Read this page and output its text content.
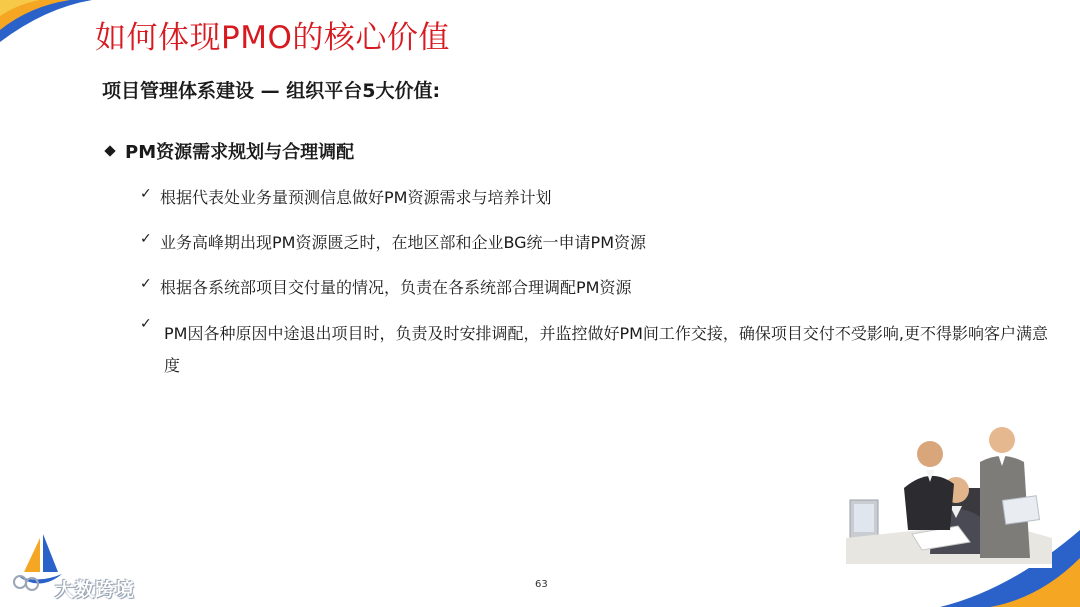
如何体现PMO的核心价值
项目管理体系建设 — 组织平台5大价值:
PM资源需求规划与合理调配
✓ 根据代表处业务量预测信息做好PM资源需求与培养计划
✓ 业务高峰期出现PM资源匮乏时，在地区部和企业BG统一申请PM资源
✓ 根据各系统部项目交付量的情况，负责在各系统部合理调配PM资源
✓ PM因各种原因中途退出项目时，负责及时安排调配，并监控做好PM间工作交接，确保项目交付不受影响,更不得影响客户满意度
大数跨境	63
